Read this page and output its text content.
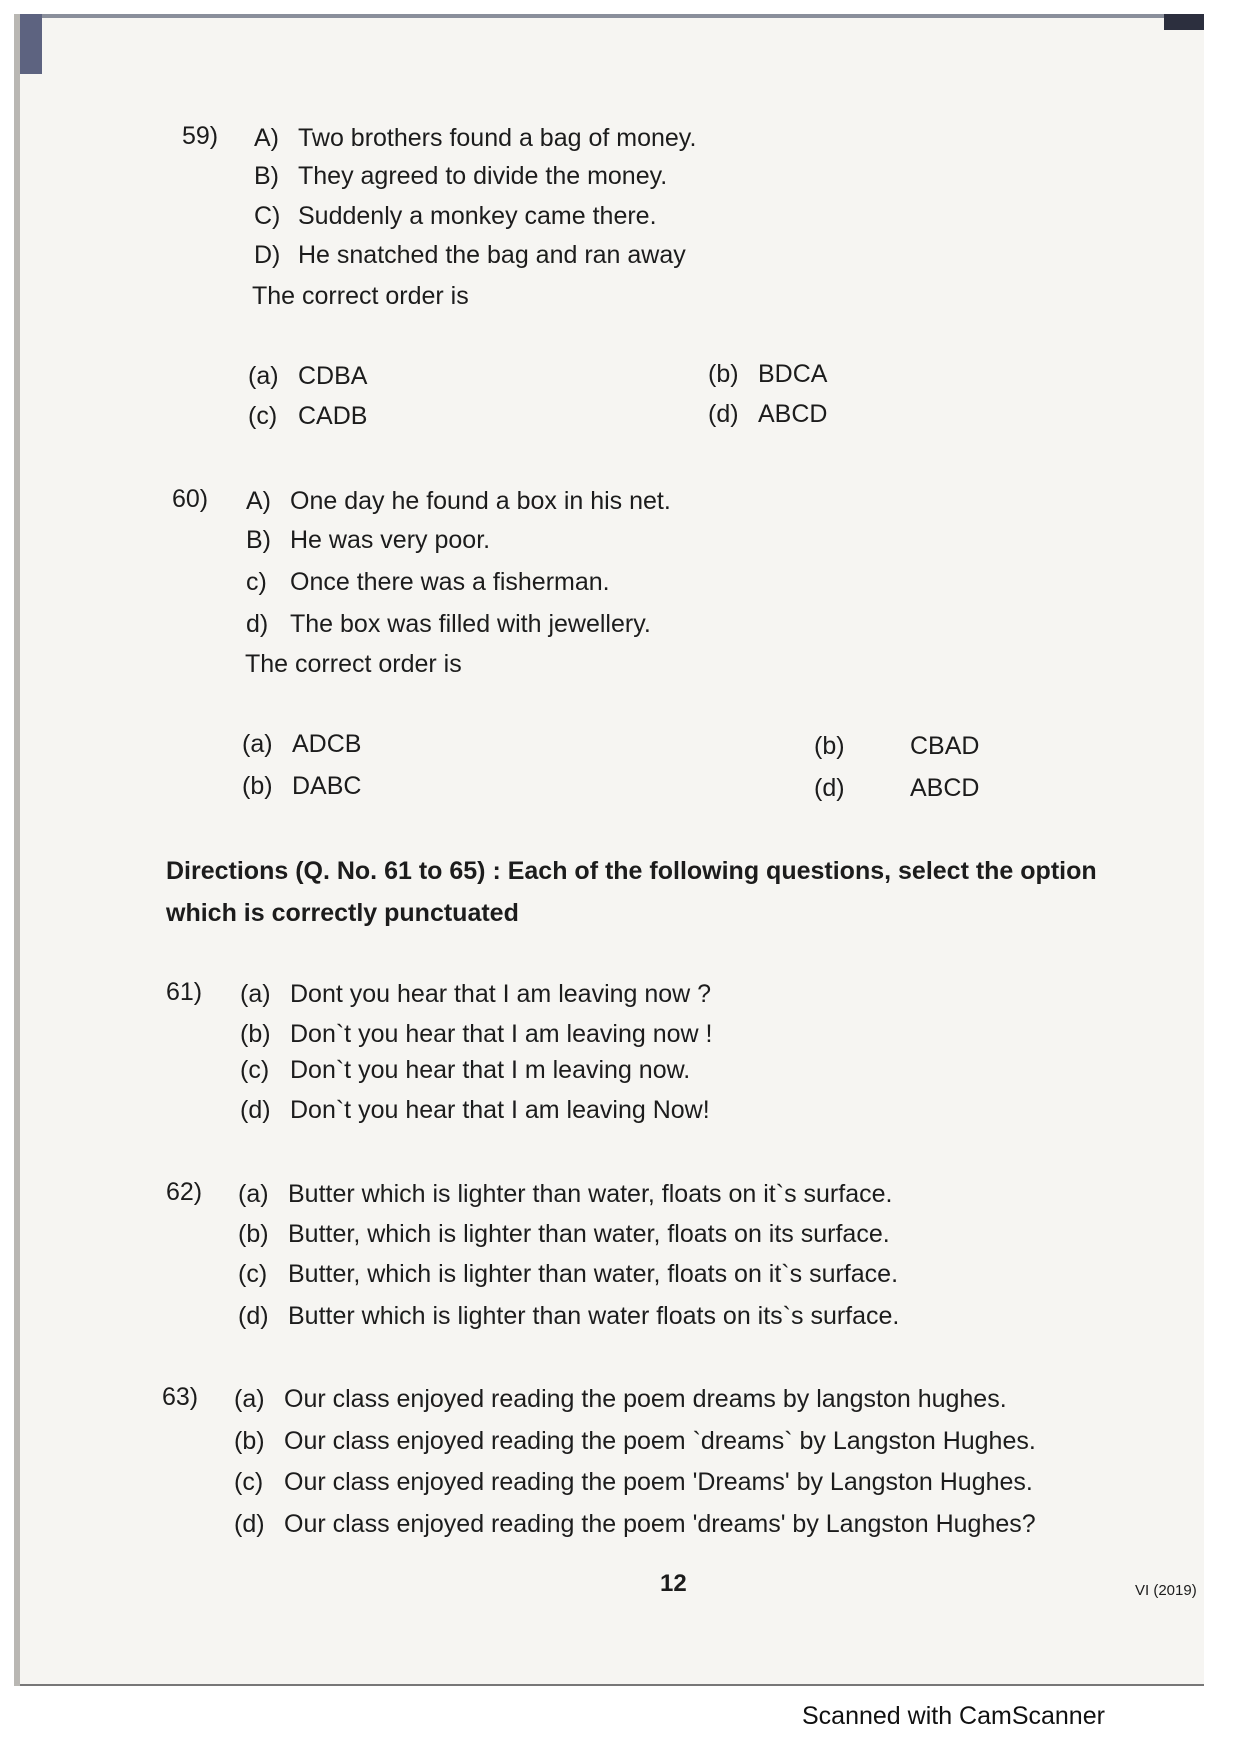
59) A) Two brothers found a bag of money.
B) They agreed to divide the money.
C) Suddenly a monkey came there.
D) He snatched the bag and ran away
The correct order is
(a) CDBA	(b) BDCA
(c) CADB	(d) ABCD
60) A) One day he found a box in his net.
B) He was very poor.
c) Once there was a fisherman.
d) The box was filled with jewellery.
The correct order is
(a) ADCB	(b)	CBAD
(b) DABC	(d)	ABCD
Directions (Q. No. 61 to 65) : Each of the following questions, select the option
which is correctly punctuated
61) (a) Dont you hear that I am leaving now ?
(b) Don`t you hear that I am leaving now !
(c) Don`t you hear that I m leaving now.
(d) Don`t you hear that I am leaving Now!
62) (a) Butter which is lighter than water, floats on it`s surface.
(b) Butter, which is lighter than water, floats on its surface.
(c) Butter, which is lighter than water, floats on it`s surface.
(d) Butter which is lighter than water floats on its`s surface.
63) (a) Our class enjoyed reading the poem dreams by langston hughes.
(b) Our class enjoyed reading the poem `dreams` by Langston Hughes.
(c) Our class enjoyed reading the poem 'Dreams' by Langston Hughes.
(d) Our class enjoyed reading the poem 'dreams' by Langston Hughes?
12	VI (2019)
Scanned with CamScanner
